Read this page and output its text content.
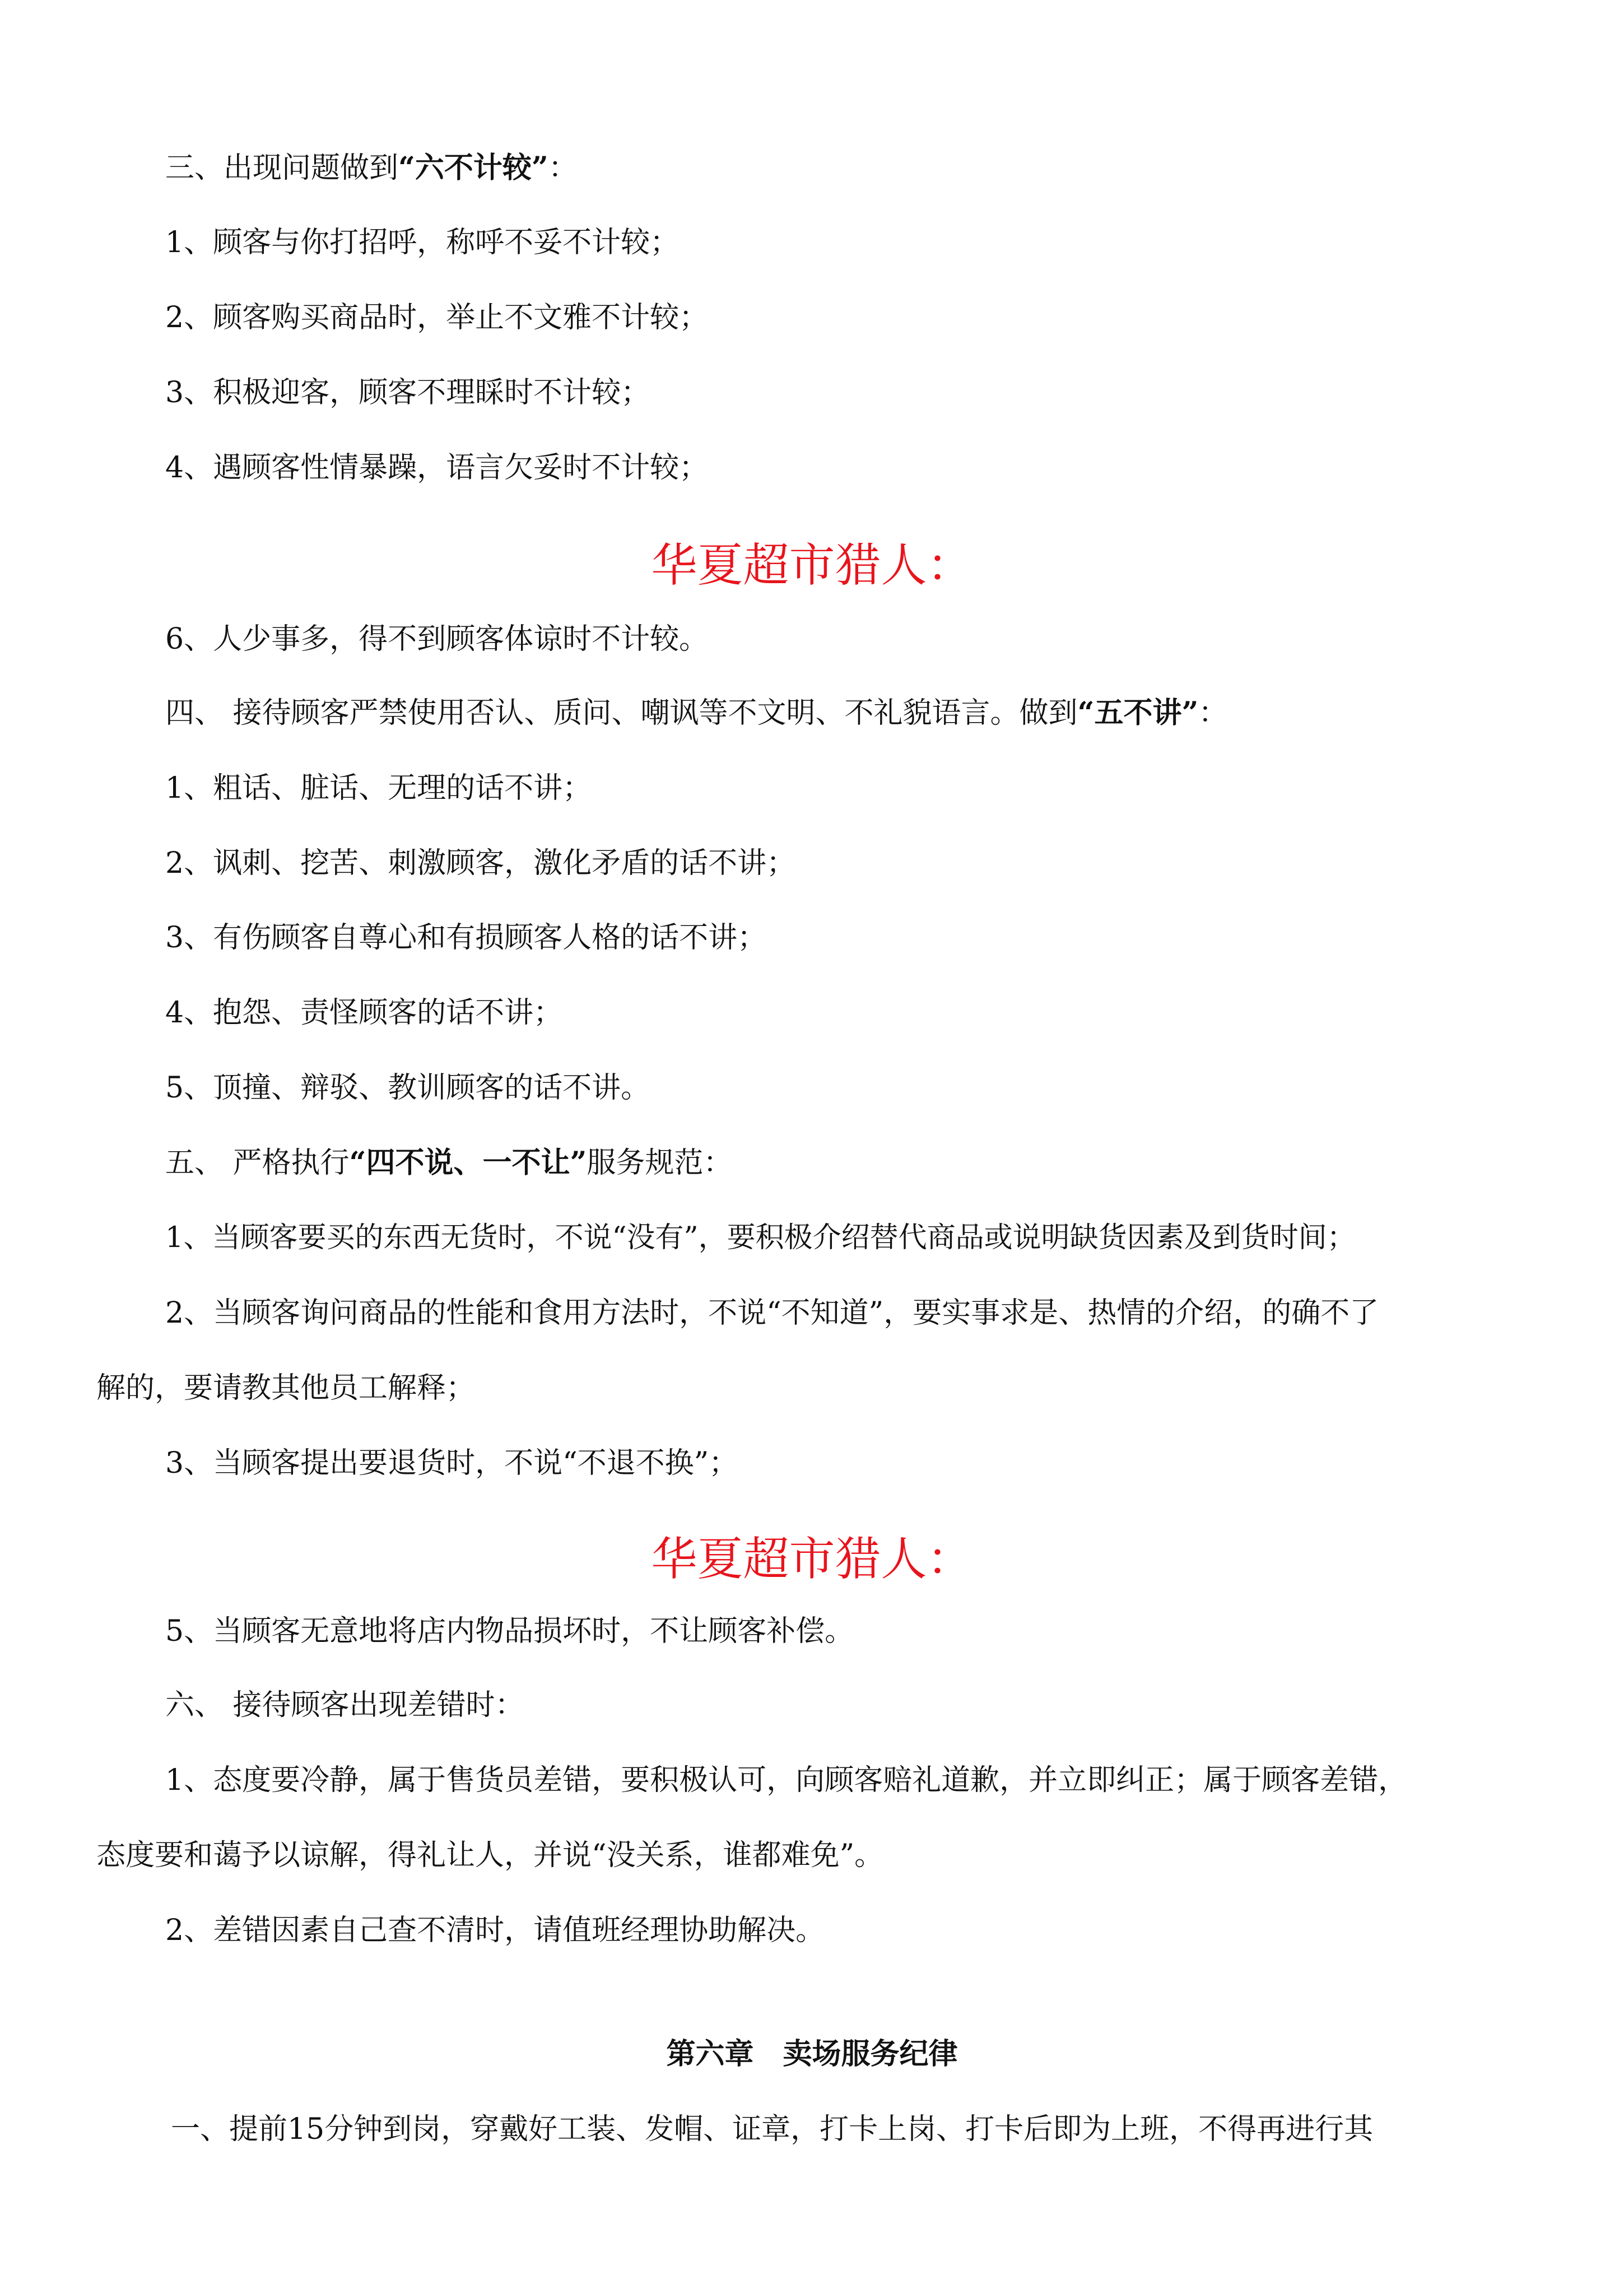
三、出现问题做到“六不计较”：
1、顾客与你打招呼，称呼不妥不计较；
2、顾客购买商品时，举止不文雅不计较；
3、积极迎客，顾客不理睬时不计较；
4、遇顾客性情暴躁，语言欠妥时不计较；
华夏超市猎人：
6、人少事多，得不到顾客体谅时不计较。
四、 接待顾客严禁使用否认、质问、嘲讽等不文明、不礼貌语言。做到“五不讲”：
1、粗话、脏话、无理的话不讲；
2、讽刺、挖苦、刺激顾客，激化矛盾的话不讲；
3、有伤顾客自尊心和有损顾客人格的话不讲；
4、抱怨、责怪顾客的话不讲；
5、顶撞、辩驳、教训顾客的话不讲。
五、 严格执行“四不说、一不让”服务规范：
1、当顾客要买的东西无货时，不说“没有”，要积极介绍替代商品或说明缺货因素及到货时间；
2、当顾客询问商品的性能和食用方法时，不说“不知道”，要实事求是、热情的介绍，的确不了
解的，要请教其他员工解释；
3、当顾客提出要退货时，不说“不退不换”；
华夏超市猎人：
5、当顾客无意地将店内物品损坏时，不让顾客补偿。
六、 接待顾客出现差错时：
1、态度要冷静，属于售货员差错，要积极认可，向顾客赔礼道歉，并立即纠正；属于顾客差错，
态度要和蔼予以谅解，得礼让人，并说“没关系，谁都难免”。
2、差错因素自己查不清时，请值班经理协助解决。
第六章　卖场服务纪律
一、提前15分钟到岗，穿戴好工装、发帽、证章，打卡上岗、打卡后即为上班，不得再进行其
